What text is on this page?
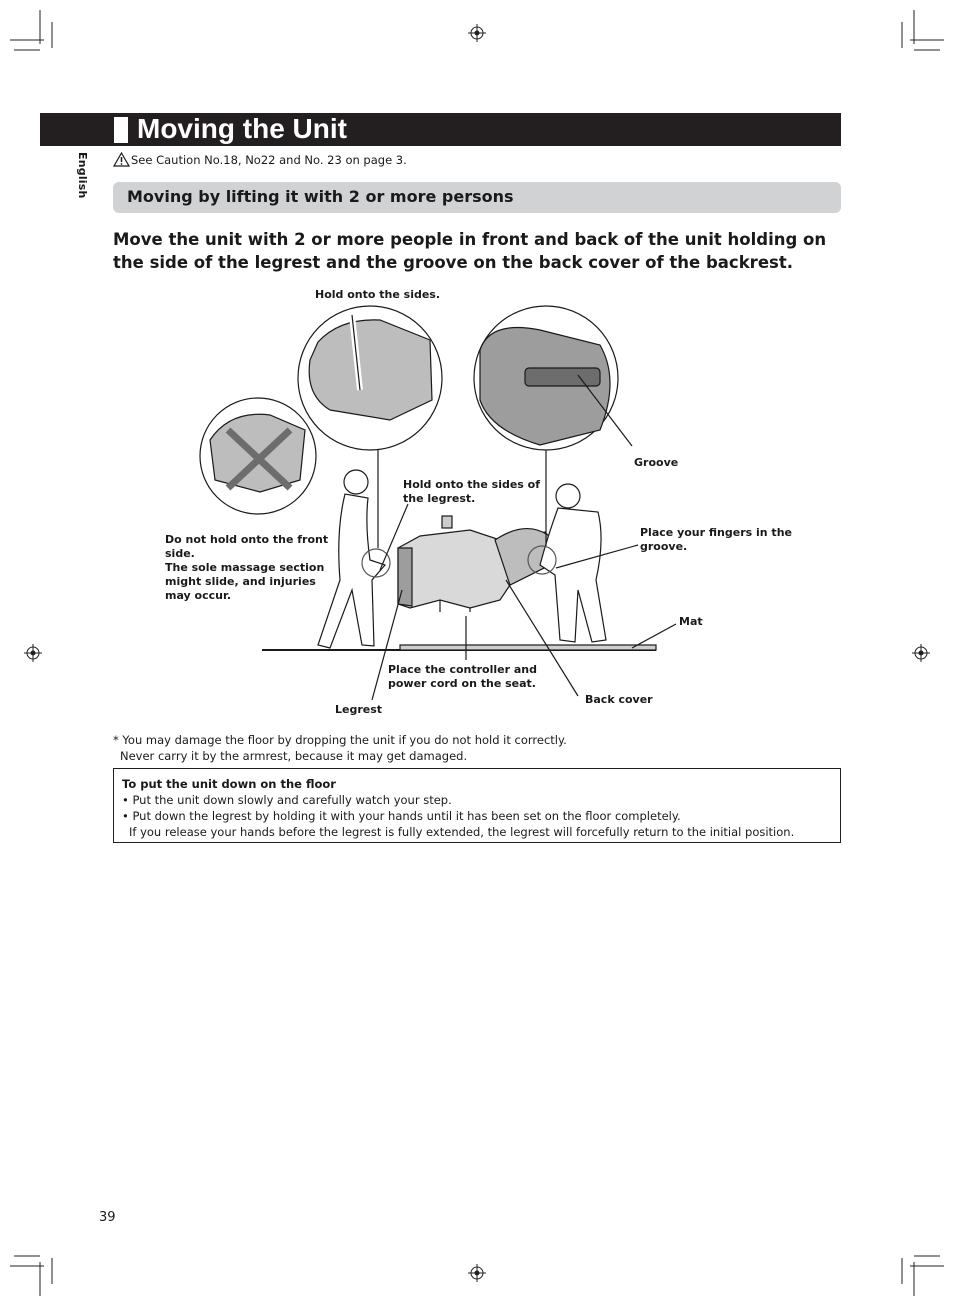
Moving the Unit
English	See Caution No.18, No22 and No. 23 on page 3.
Moving by lifting it with 2 or more persons
Move the unit with 2 or more people in front and back of the unit holding on the side of the legrest and the groove on the back cover of the backrest.
Hold onto the sides.
Groove
Hold onto the sides of
the legrest.
Place your fingers in the
groove.
Do not hold onto the front
side.
The sole massage section
might slide, and injuries
may occur.
Mat
Place the controller and
power cord on the seat.
Back cover
Legrest
* You may damage the floor by dropping the unit if you do not hold it correctly.
Never carry it by the armrest, because it may get damaged.
To put the unit down on the floor
• Put the unit down slowly and carefully watch your step.
• Put down the legrest by holding it with your hands until it has been set on the floor completely.
If you release your hands before the legrest is fully extended, the legrest will forcefully return to the initial position.
39
